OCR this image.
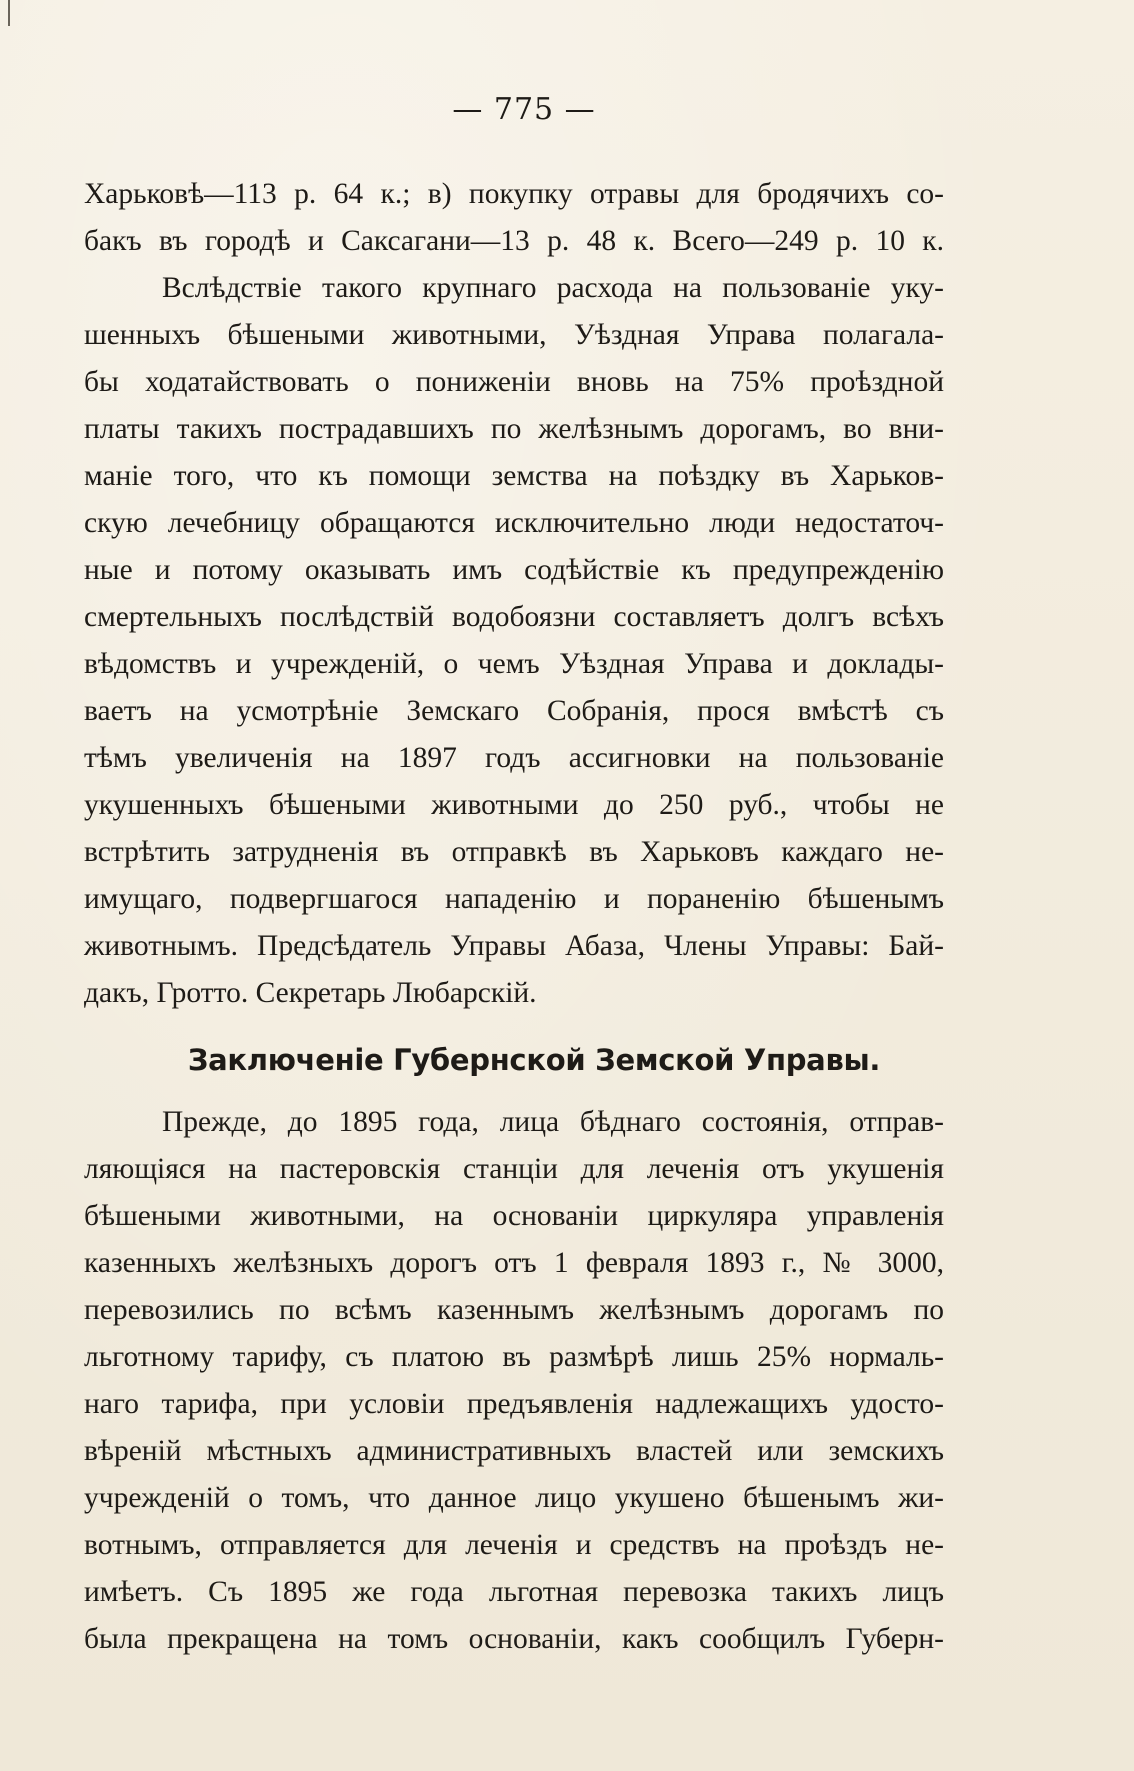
— 775 —
Харьковѣ—113 р. 64 к.; в) покупку отравы для бродячихъ со-
бакъ въ городѣ и Саксагани—13 р. 48 к. Всего—249 р. 10 к.
Вслѣдствіе такого крупнаго расхода на пользованіе уку-
шенныхъ бѣшеными животными, Уѣздная Управа полагала-
бы ходатайствовать о пониженіи вновь на 75% проѣздной
платы такихъ пострадавшихъ по желѣзнымъ дорогамъ, во вни-
маніе того, что къ помощи земства на поѣздку въ Харьков-
скую лечебницу обращаются исключительно люди недостаточ-
ные и потому оказывать имъ содѣйствіе къ предупрежденію
смертельныхъ послѣдствій водобоязни составляетъ долгъ всѣхъ
вѣдомствъ и учрежденій, о чемъ Уѣздная Управа и доклады-
ваетъ на усмотрѣніе Земскаго Собранія, прося вмѣстѣ съ
тѣмъ увеличенія на 1897 годъ ассигновки на пользованіе
укушенныхъ бѣшеными животными до 250 руб., чтобы не
встрѣтить затрудненія въ отправкѣ въ Харьковъ каждаго не-
имущаго, подвергшагося нападенію и пораненію бѣшенымъ
животнымъ. Предсѣдатель Управы Абаза, Члены Управы: Бай-
дакъ, Гротто. Секретарь Любарскій.
Заключеніе Губернской Земской Управы.
Прежде, до 1895 года, лица бѣднаго состоянія, отправ-
ляющіяся на пастеровскія станціи для леченія отъ укушенія
бѣшеными животными, на основаніи циркуляра управленія
казенныхъ желѣзныхъ дорогъ отъ 1 февраля 1893 г., № 3000,
перевозились по всѣмъ казеннымъ желѣзнымъ дорогамъ по
льготному тарифу, съ платою въ размѣрѣ лишь 25% нормаль-
наго тарифа, при условіи предъявленія надлежащихъ удосто-
вѣреній мѣстныхъ административныхъ властей или земскихъ
учрежденій о томъ, что данное лицо укушено бѣшенымъ жи-
вотнымъ, отправляется для леченія и средствъ на проѣздъ не-
имѣетъ. Съ 1895 же года льготная перевозка такихъ лицъ
была прекращена на томъ основаніи, какъ сообщилъ Губерн-
